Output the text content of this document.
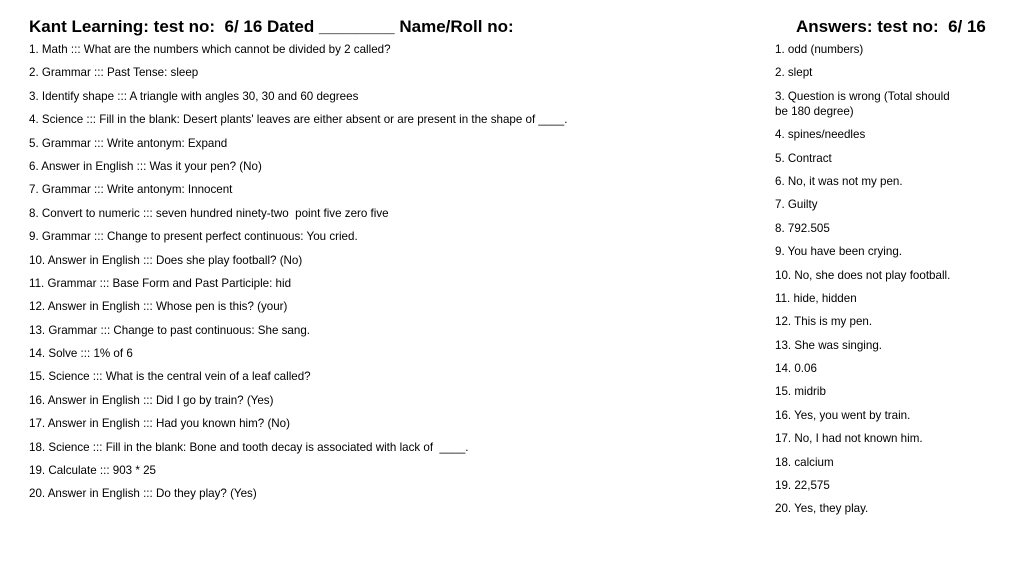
Kant Learning: test no:  6/ 16 Dated ________ Name/Roll no:	Answers: test no:  6/ 16
1. Math ::: What are the numbers which cannot be divided by 2 called?
2. Grammar ::: Past Tense: sleep
3. Identify shape ::: A triangle with angles 30, 30 and 60 degrees
4. Science ::: Fill in the blank: Desert plants' leaves are either absent or are present in the shape of ____.
5. Grammar ::: Write antonym: Expand
6. Answer in English ::: Was it your pen? (No)
7. Grammar ::: Write antonym: Innocent
8. Convert to numeric ::: seven hundred ninety-two  point five zero five
9. Grammar ::: Change to present perfect continuous: You cried.
10. Answer in English ::: Does she play football? (No)
11. Grammar ::: Base Form and Past Participle: hid
12. Answer in English ::: Whose pen is this? (your)
13. Grammar ::: Change to past continuous: She sang.
14. Solve ::: 1% of 6
15. Science ::: What is the central vein of a leaf called?
16. Answer in English ::: Did I go by train? (Yes)
17. Answer in English ::: Had you known him? (No)
18. Science ::: Fill in the blank: Bone and tooth decay is associated with lack of  ____.
19. Calculate ::: 903 * 25
20. Answer in English ::: Do they play? (Yes)
1. odd (numbers)
2. slept
3. Question is wrong (Total should be 180 degree)
4. spines/needles
5. Contract
6. No, it was not my pen.
7. Guilty
8. 792.505
9. You have been crying.
10. No, she does not play football.
11. hide, hidden
12. This is my pen.
13. She was singing.
14. 0.06
15. midrib
16. Yes, you went by train.
17. No, I had not known him.
18. calcium
19. 22,575
20. Yes, they play.
